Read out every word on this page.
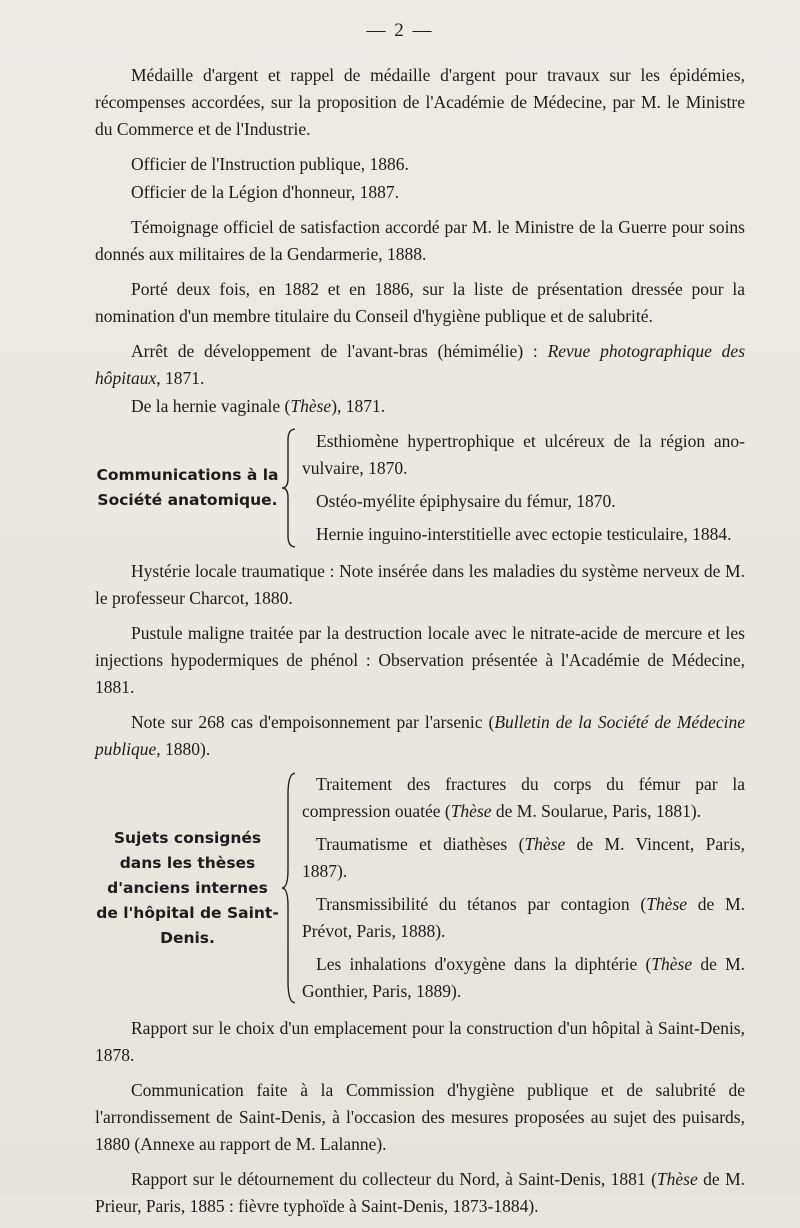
— 2 —

Médaille d'argent et rappel de médaille d'argent pour travaux sur les épidémies, récompenses accordées, sur la proposition de l'Académie de Médecine, par M. le Ministre du Commerce et de l'Industrie.

Officier de l'Instruction publique, 1886.

Officier de la Légion d'honneur, 1887.

Témoignage officiel de satisfaction accordé par M. le Ministre de la Guerre pour soins donnés aux militaires de la Gendarmerie, 1888.

Porté deux fois, en 1882 et en 1886, sur la liste de présentation dressée pour la nomination d'un membre titulaire du Conseil d'hygiène publique et de salubrité.

Arrêt de développement de l'avant-bras (hémimélie) : Revue photographique des hôpitaux, 1871.

De la hernie vaginale (Thèse), 1871.

Communications à la Société anatomique.

Esthiomène hypertrophique et ulcéreux de la région ano-vulvaire, 1870.

Ostéo-myélite épiphysaire du fémur, 1870.

Hernie inguino-interstitielle avec ectopie testiculaire, 1884.

Hystérie locale traumatique : Note insérée dans les maladies du système nerveux de M. le professeur Charcot, 1880.

Pustule maligne traitée par la destruction locale avec le nitrate-acide de mercure et les injections hypodermiques de phénol : Observation présentée à l'Académie de Médecine, 1881.

Note sur 268 cas d'empoisonnement par l'arsenic (Bulletin de la Société de Médecine publique, 1880).

Sujets consignés dans les thèses d'anciens internes de l'hôpital de Saint-Denis.

Traitement des fractures du corps du fémur par la compression ouatée (Thèse de M. Soularue, Paris, 1881).

Traumatisme et diathèses (Thèse de M. Vincent, Paris, 1887).

Transmissibilité du tétanos par contagion (Thèse de M. Prévot, Paris, 1888).

Les inhalations d'oxygène dans la diphtérie (Thèse de M. Gonthier, Paris, 1889).

Rapport sur le choix d'un emplacement pour la construction d'un hôpital à Saint-Denis, 1878.

Communication faite à la Commission d'hygiène publique et de salubrité de l'arrondissement de Saint-Denis, à l'occasion des mesures proposées au sujet des puisards, 1880 (Annexe au rapport de M. Lalanne).

Rapport sur le détournement du collecteur du Nord, à Saint-Denis, 1881 (Thèse de M. Prieur, Paris, 1885 : fièvre typhoïde à Saint-Denis, 1873-1884).
